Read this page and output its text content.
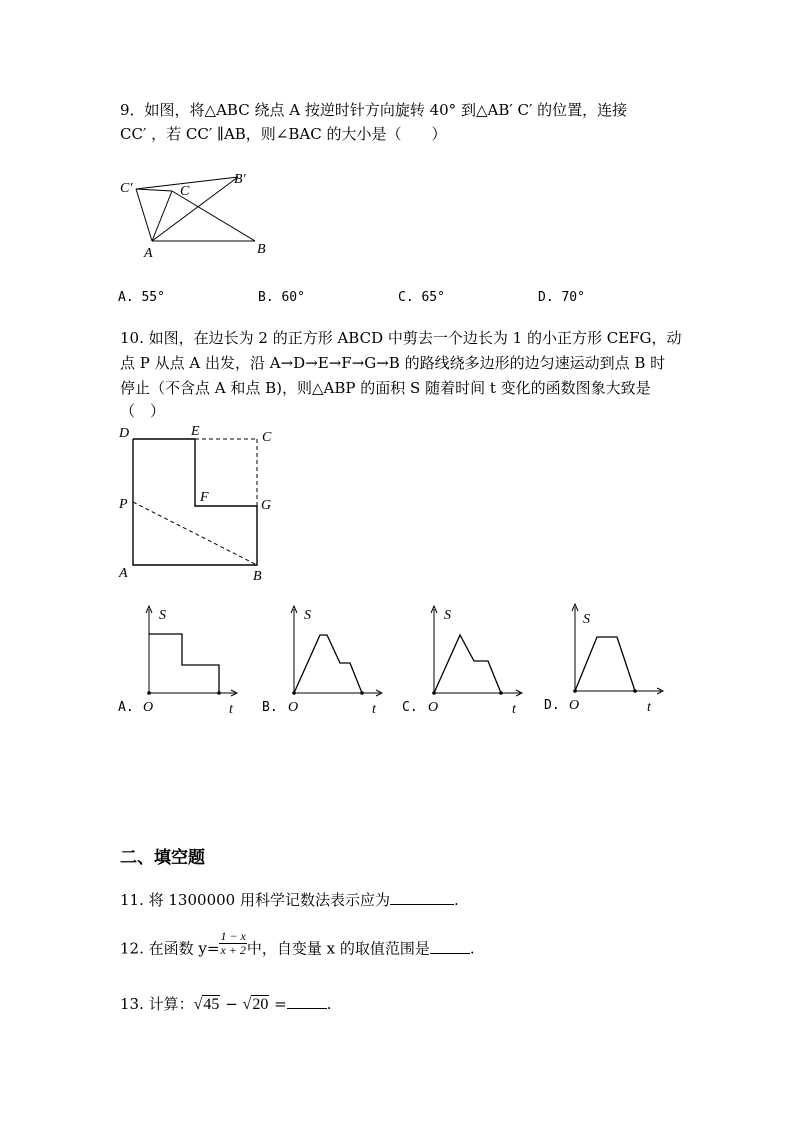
9．如图，将△ABC 绕点 A 按逆时针方向旋转 40° 到△AB′ C′ 的位置，连接
CC′ ，若 CC′ ∥AB，则∠BAC 的大小是（　　）
C′	C
B′
A	B
A. 55°	B. 60°	C. 65°	D. 70°
10. 如图，在边长为 2 的正方形 ABCD 中剪去一个边长为 1 的小正方形 CEFG，动
点 P 从点 A 出发，沿 A→D→E→F→G→B 的路线绕多边形的边匀速运动到点 B 时
停止（不含点 A 和点 B)，则△ABP 的面积 S 随着时间 t 变化的函数图象大致是
（　）
D	E	C
P	F
G
A	B
A.	B.	C.	D.
S
O	t
S
O	t
S
O	t
S
O	t
二、填空题
11. 将 1300000 用科学记数法表示应为	.
12. 在函数 $y= \frac{1 - x}{x + 2}$ 中，自变量 x 的取值范围是	.
13. 计算：√45 − √20 =	.
